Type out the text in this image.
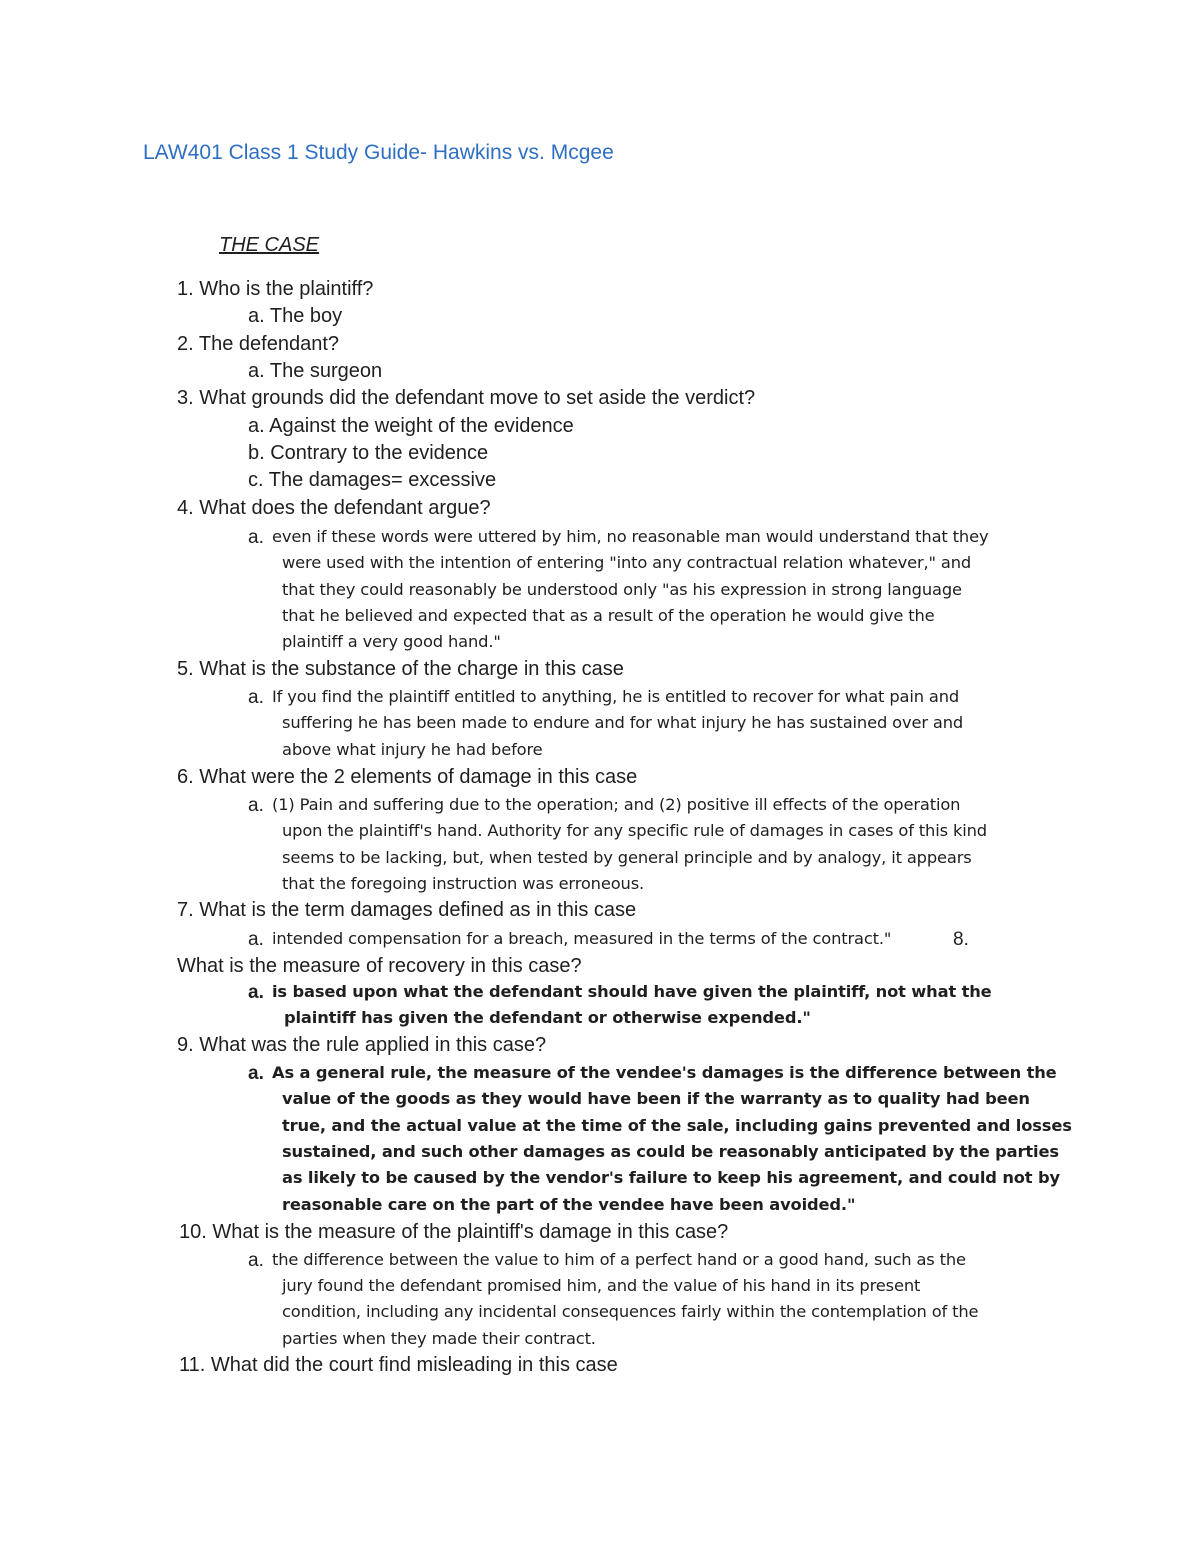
LAW401 Class 1 Study Guide- Hawkins vs. Mcgee
THE CASE
1. Who is the plaintiff?
a. The boy
2. The defendant?
a. The surgeon
3. What grounds did the defendant move to set aside the verdict?
a. Against the weight of the evidence
b. Contrary to the evidence
c. The damages= excessive
4. What does the defendant argue?
a. even if these words were uttered by him, no reasonable man would understand that they
were used with the intention of entering "into any contractual relation whatever," and
that they could reasonably be understood only "as his expression in strong language
that he believed and expected that as a result of the operation he would give the
plaintiff a very good hand."
5. What is the substance of the charge in this case
a. If you find the plaintiff entitled to anything, he is entitled to recover for what pain and
suffering he has been made to endure and for what injury he has sustained over and
above what injury he had before
6. What were the 2 elements of damage in this case
a. (1) Pain and suffering due to the operation; and (2) positive ill effects of the operation
upon the plaintiff's hand. Authority for any specific rule of damages in cases of this kind
seems to be lacking, but, when tested by general principle and by analogy, it appears
that the foregoing instruction was erroneous.
7. What is the term damages defined as in this case
a. intended compensation for a breach, measured in the terms of the contract."	8.
What is the measure of recovery in this case?
a. is based upon what the defendant should have given the plaintiff, not what the
plaintiff has given the defendant or otherwise expended."
9. What was the rule applied in this case?
a. As a general rule, the measure of the vendee's damages is the difference between the
value of the goods as they would have been if the warranty as to quality had been
true, and the actual value at the time of the sale, including gains prevented and losses
sustained, and such other damages as could be reasonably anticipated by the parties
as likely to be caused by the vendor's failure to keep his agreement, and could not by
reasonable care on the part of the vendee have been avoided."
10. What is the measure of the plaintiff's damage in this case?
a. the difference between the value to him of a perfect hand or a good hand, such as the
jury found the defendant promised him, and the value of his hand in its present
condition, including any incidental consequences fairly within the contemplation of the
parties when they made their contract.
11. What did the court find misleading in this case
